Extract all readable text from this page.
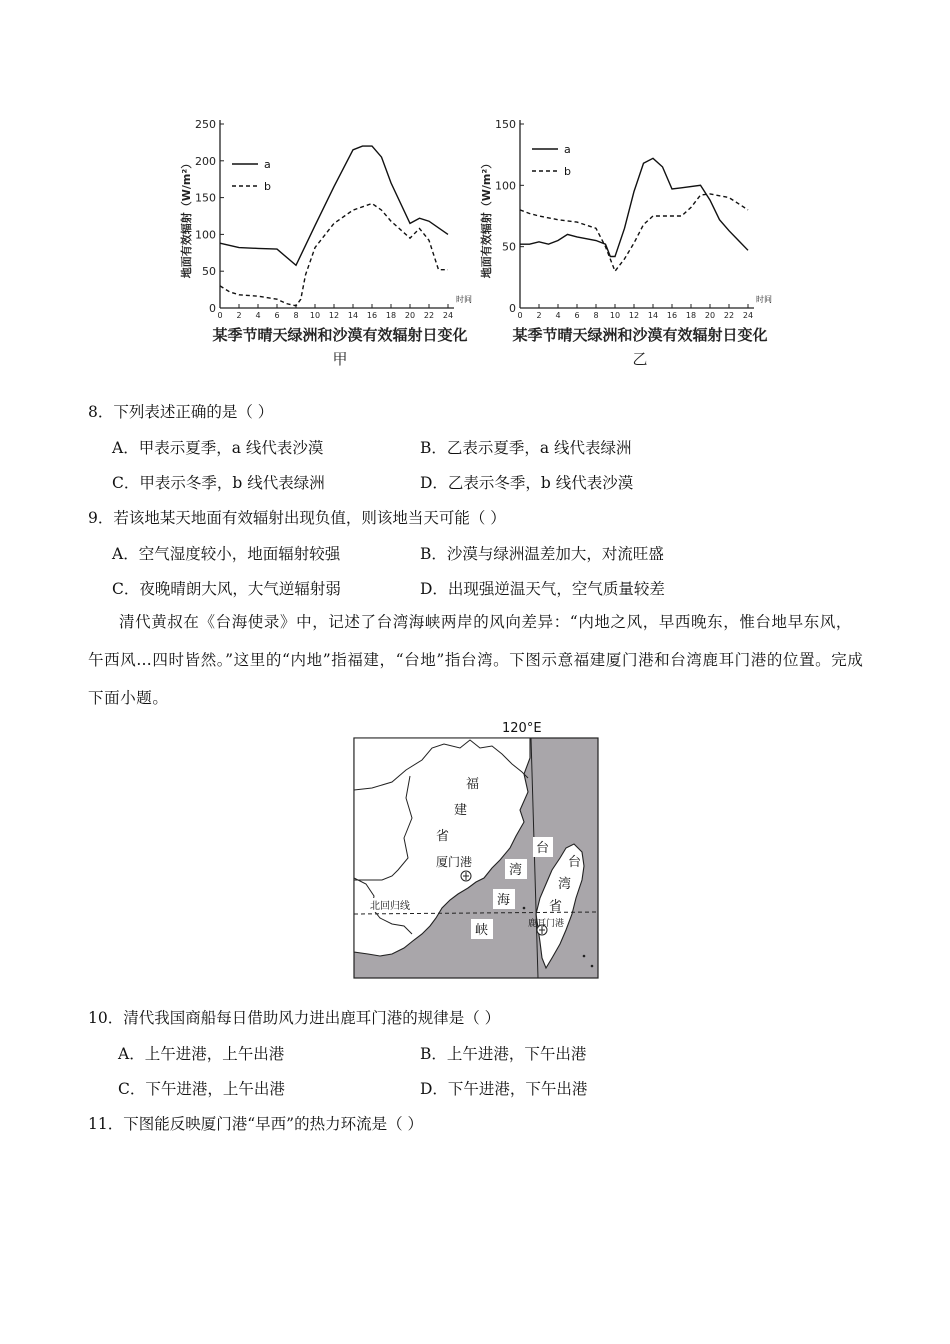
0
50
100
150
200
250
0 2 4 6 8 10 12 14 16 18 20 22 24
时间
地面有效辐射（W/m²）	a
b
某季节晴天绿洲和沙漠有效辐射日变化
甲
0
50
100
150
0 2 4 6 8 10 12 14 16 18 20 22 24
时间
地面有效辐射（W/m²）
a
b
某季节晴天绿洲和沙漠有效辐射日变化
乙
8．下列表述正确的是（ ）
A．甲表示夏季，a 线代表沙漠	B．乙表示夏季，a 线代表绿洲
C．甲表示冬季，b 线代表绿洲	D．乙表示冬季，b 线代表沙漠
9．若该地某天地面有效辐射出现负值，则该地当天可能（ ）
A．空气湿度较小，地面辐射较强	B．沙漠与绿洲温差加大，对流旺盛
C．夜晚晴朗大风，大气逆辐射弱	D．出现强逆温天气，空气质量较差
清代黄叔在《台海使录》中，记述了台湾海峡两岸的风向差异：“内地之风，早西晚东，惟台地早东风，午西风…四时皆然。”这里的“内地”指福建，“台地”指台湾。下图示意福建厦门港和台湾鹿耳门港的位置。完成下面小题。
120°E
福
建
省
厦门港
台
湾
海
峡
台
湾
省
鹿耳门港
北回归线
10．清代我国商船每日借助风力进出鹿耳门港的规律是（ ）
A．上午进港，上午出港	B．上午进港，下午出港
C．下午进港，上午出港	D．下午进港，下午出港
11．下图能反映厦门港“早西”的热力环流是（ ）
